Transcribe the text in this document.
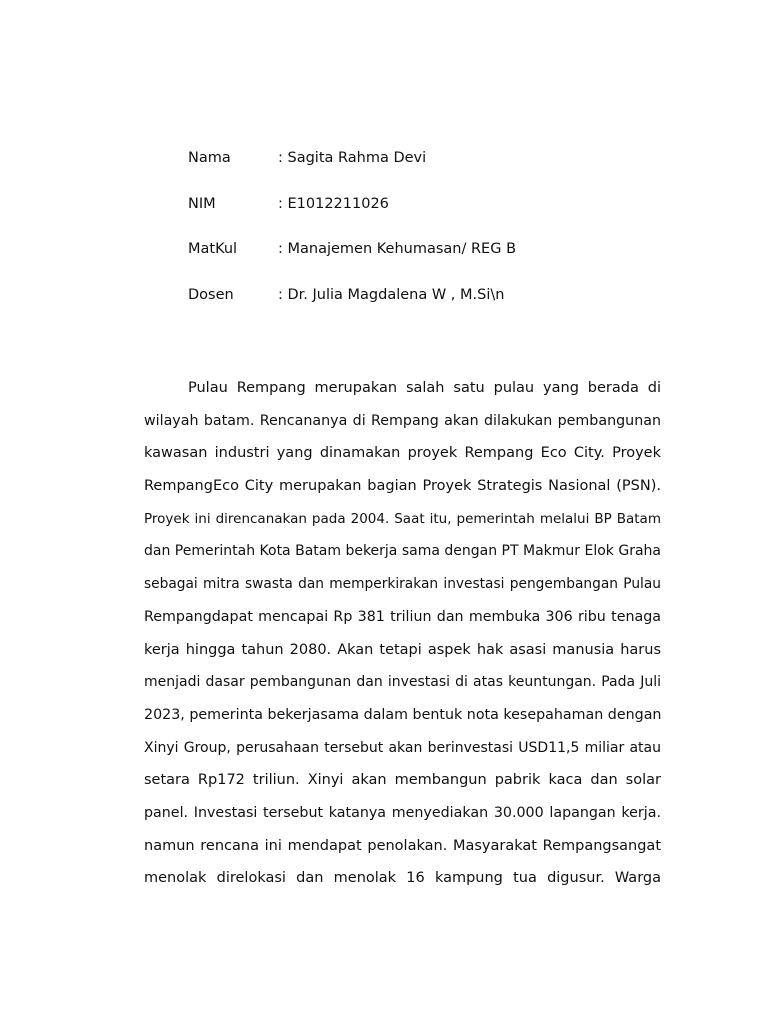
Nama	: Sagita Rahma Devi
NIM	: E1012211026
MatKul	: Manajemen Kehumasan/ REG B
Dosen	: Dr. Julia Magdalena W , M.Si\n
Pulau Rempang merupakan salah satu pulau yang berada di
wilayah batam. Rencananya di Rempang akan dilakukan pembangunan
kawasan industri yang dinamakan proyek Rempang Eco City. Proyek
RempangEco City merupakan bagian Proyek Strategis Nasional (PSN).
Proyek ini direncanakan pada 2004. Saat itu, pemerintah melalui BP Batam
dan Pemerintah Kota Batam bekerja sama dengan PT Makmur Elok Graha
sebagai mitra swasta dan memperkirakan investasi pengembangan Pulau
Rempangdapat mencapai Rp 381 triliun dan membuka 306 ribu tenaga
kerja hingga tahun 2080. Akan tetapi aspek hak asasi manusia harus
menjadi dasar pembangunan dan investasi di atas keuntungan. Pada Juli
2023, pemerinta bekerjasama dalam bentuk nota kesepahaman dengan
Xinyi Group, perusahaan tersebut akan berinvestasi USD11,5 miliar atau
setara Rp172 triliun. Xinyi akan membangun pabrik kaca dan solar
panel. Investasi tersebut katanya menyediakan 30.000 lapangan kerja.
namun rencana ini mendapat penolakan. Masyarakat Rempangsangat
menolak direlokasi dan menolak 16 kampung tua digusur. Warga
